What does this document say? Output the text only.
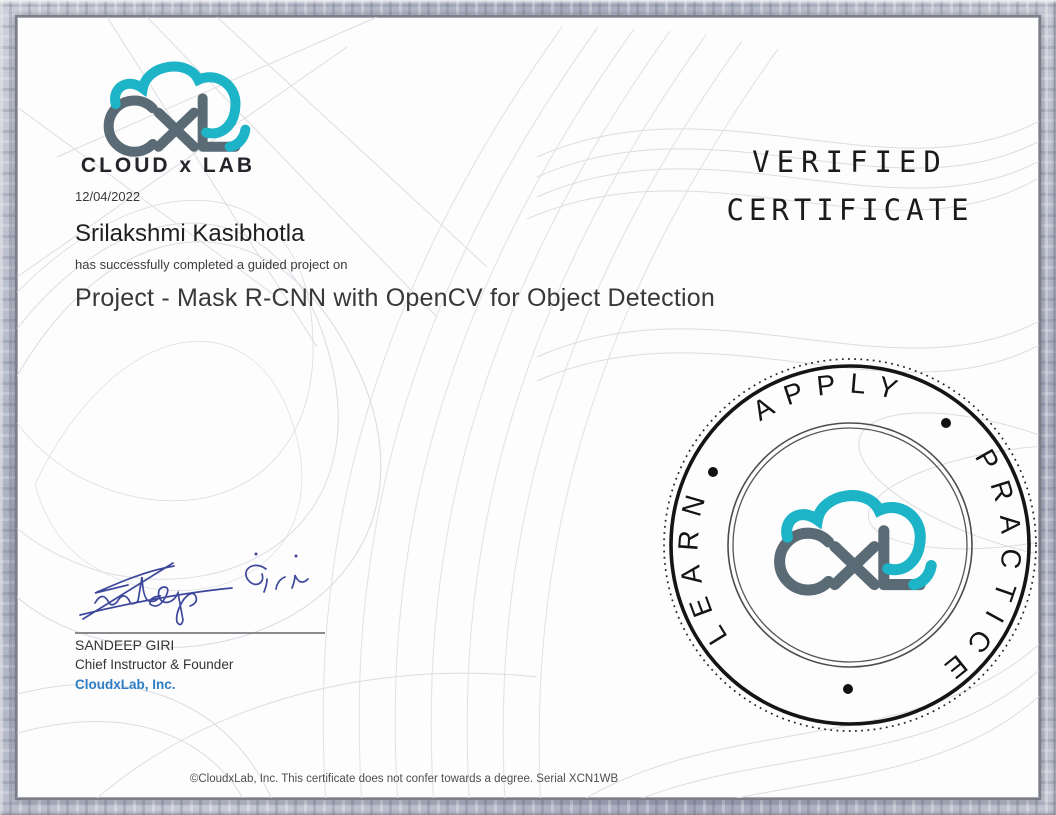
CLOUD x LAB
12/04/2022
VERIFIED
CERTIFICATE
Srilakshmi Kasibhotla
has successfully completed a guided project on
Project - Mask R-CNN with OpenCV for Object Detection
LEARN
APPLY
PRACTICE
SANDEEP GIRI
Chief Instructor & Founder
CloudxLab, Inc.
©CloudxLab, Inc. This certificate does not confer towards a degree. Serial XCN1WB
